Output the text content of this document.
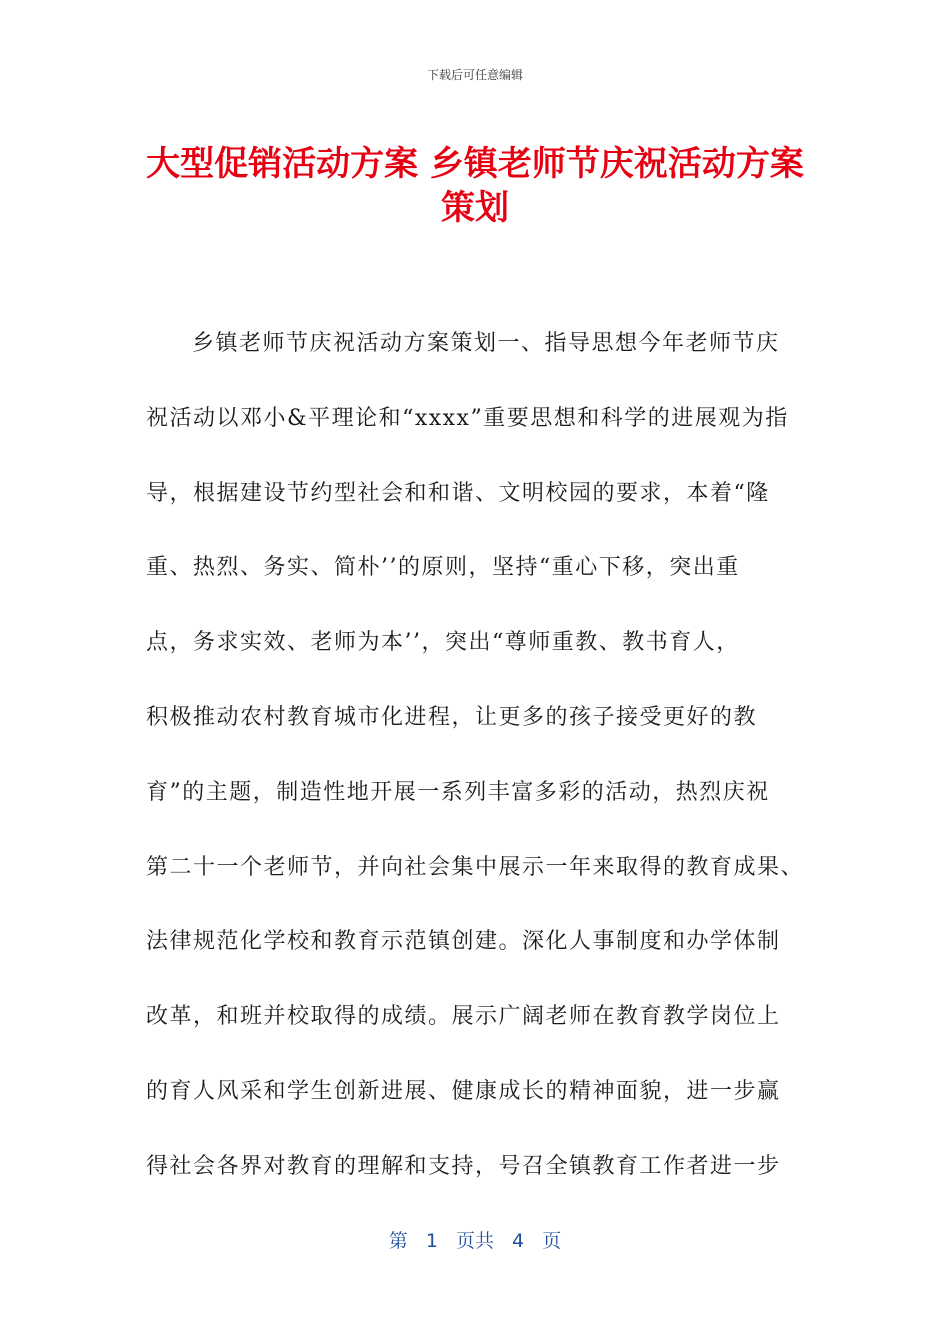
下载后可任意编辑
大型促销活动方案 乡镇老师节庆祝活动方案
策划
乡镇老师节庆祝活动方案策划一、指导思想今年老师节庆
祝活动以邓小&平理论和“xxxx”重要思想和科学的进展观为指
导，根据建设节约型社会和和谐、文明校园的要求，本着“隆
重、热烈、务实、简朴’’的原则，坚持“重心下移，突出重
点，务求实效、老师为本’’，突出“尊师重教、教书育人，
积极推动农村教育城市化进程，让更多的孩子接受更好的教
育”的主题，制造性地开展一系列丰富多彩的活动，热烈庆祝
第二十一个老师节，并向社会集中展示一年来取得的教育成果、
法律规范化学校和教育示范镇创建。深化人事制度和办学体制
改革，和班并校取得的成绩。展示广阔老师在教育教学岗位上
的育人风采和学生创新进展、健康成长的精神面貌，进一步赢
得社会各界对教育的理解和支持，号召全镇教育工作者进一步
第 1 页共 4 页
